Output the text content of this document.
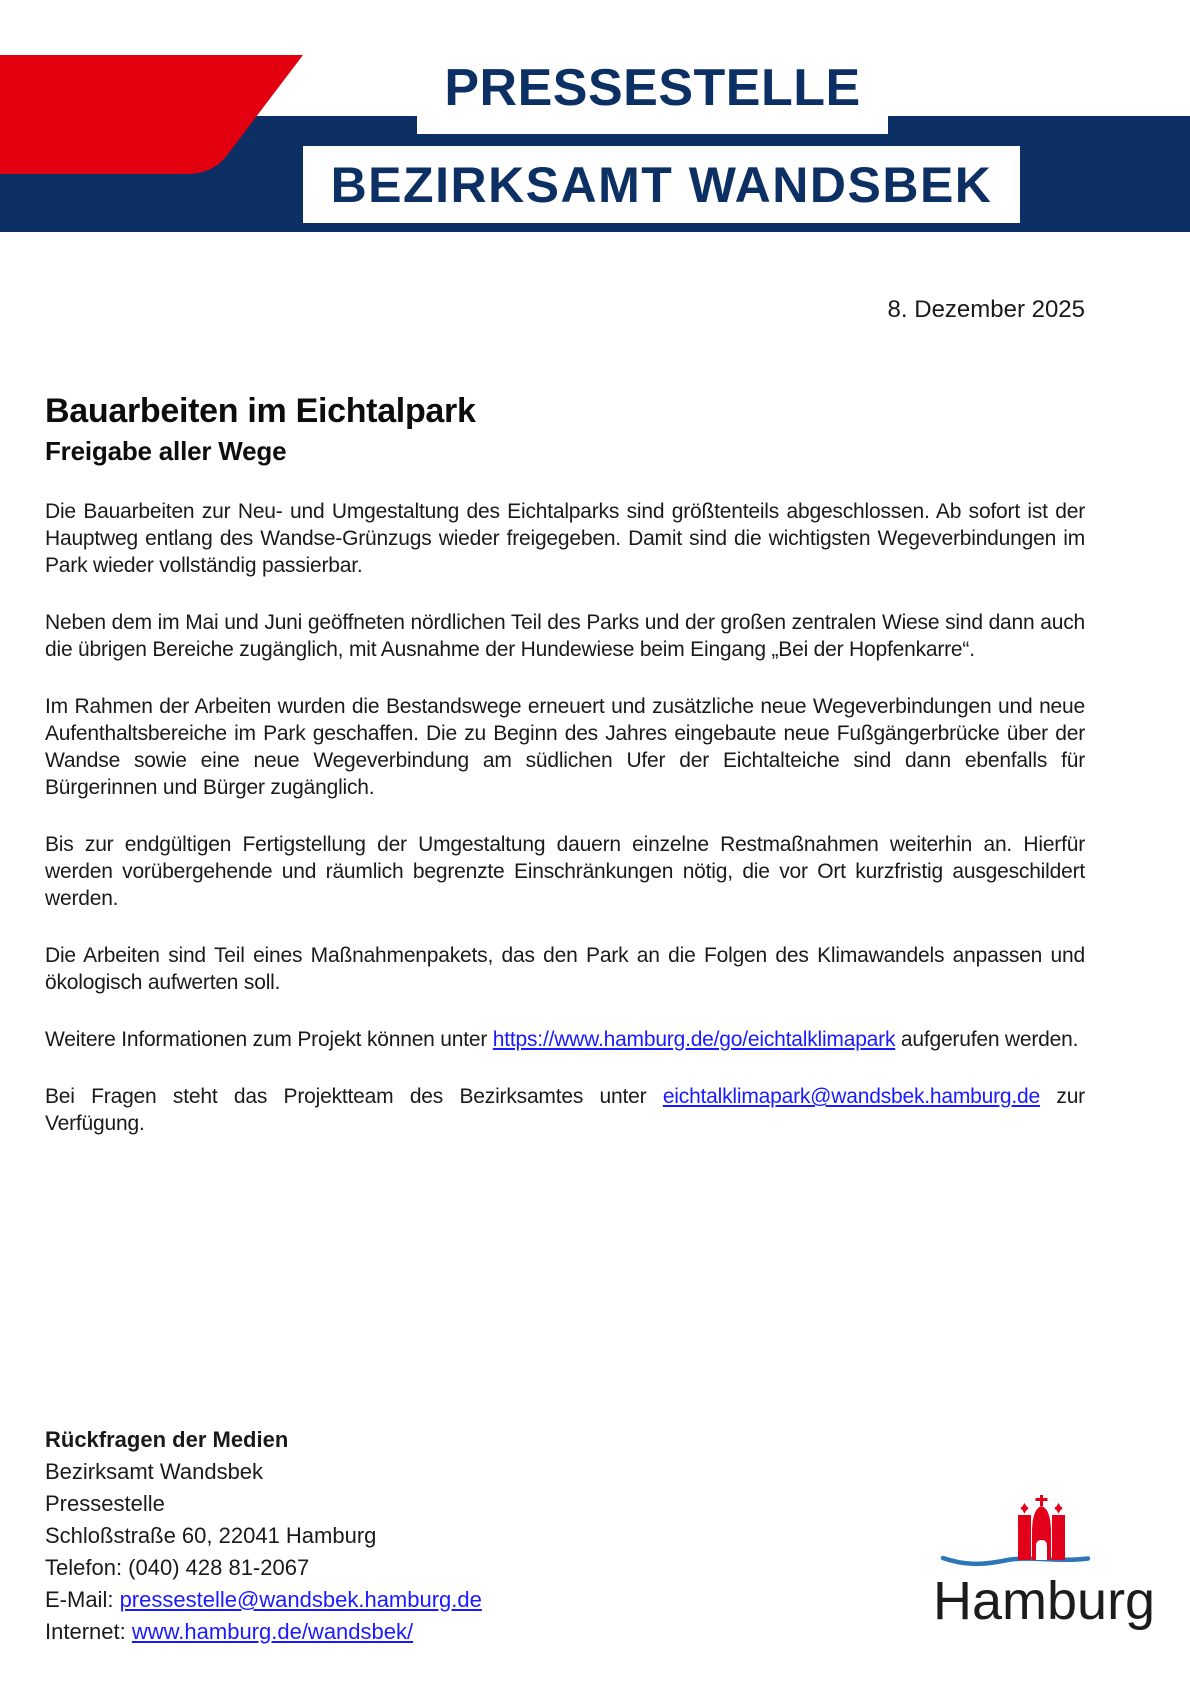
PRESSESTELLE
BEZIRKSAMT WANDSBEK
8. Dezember 2025
Bauarbeiten im Eichtalpark
Freigabe aller Wege

Die Bauarbeiten zur Neu- und Umgestaltung des Eichtalparks sind größtenteils abgeschlossen. Ab sofort ist der Hauptweg entlang des Wandse-Grünzugs wieder freigegeben. Damit sind die wichtigsten Wegeverbindungen im Park wieder vollständig passierbar.

Neben dem im Mai und Juni geöffneten nördlichen Teil des Parks und der großen zentralen Wiese sind dann auch die übrigen Bereiche zugänglich, mit Ausnahme der Hundewiese beim Eingang „Bei der Hopfenkarre“.

Im Rahmen der Arbeiten wurden die Bestandswege erneuert und zusätzliche neue Wegeverbindungen und neue Aufenthaltsbereiche im Park geschaffen. Die zu Beginn des Jahres eingebaute neue Fußgängerbrücke über der Wandse sowie eine neue Wegeverbindung am südlichen Ufer der Eichtalteiche sind dann ebenfalls für Bürgerinnen und Bürger zugänglich.

Bis zur endgültigen Fertigstellung der Umgestaltung dauern einzelne Restmaßnahmen weiterhin an. Hierfür werden vorübergehende und räumlich begrenzte Einschränkungen nötig, die vor Ort kurzfristig ausgeschildert werden.

Die Arbeiten sind Teil eines Maßnahmenpakets, das den Park an die Folgen des Klimawandels anpassen und ökologisch aufwerten soll.

Weitere Informationen zum Projekt können unter https://www.hamburg.de/go/eichtalklimapark aufgerufen werden.

Bei Fragen steht das Projektteam des Bezirksamtes unter eichtalklimapark@wandsbek.hamburg.de zur Verfügung.

Rückfragen der Medien
Bezirksamt Wandsbek
Pressestelle
Schloßstraße 60, 22041 Hamburg
Telefon: (040) 428 81-2067
E-Mail: pressestelle@wandsbek.hamburg.de
Internet: www.hamburg.de/wandsbek/
Hamburg
